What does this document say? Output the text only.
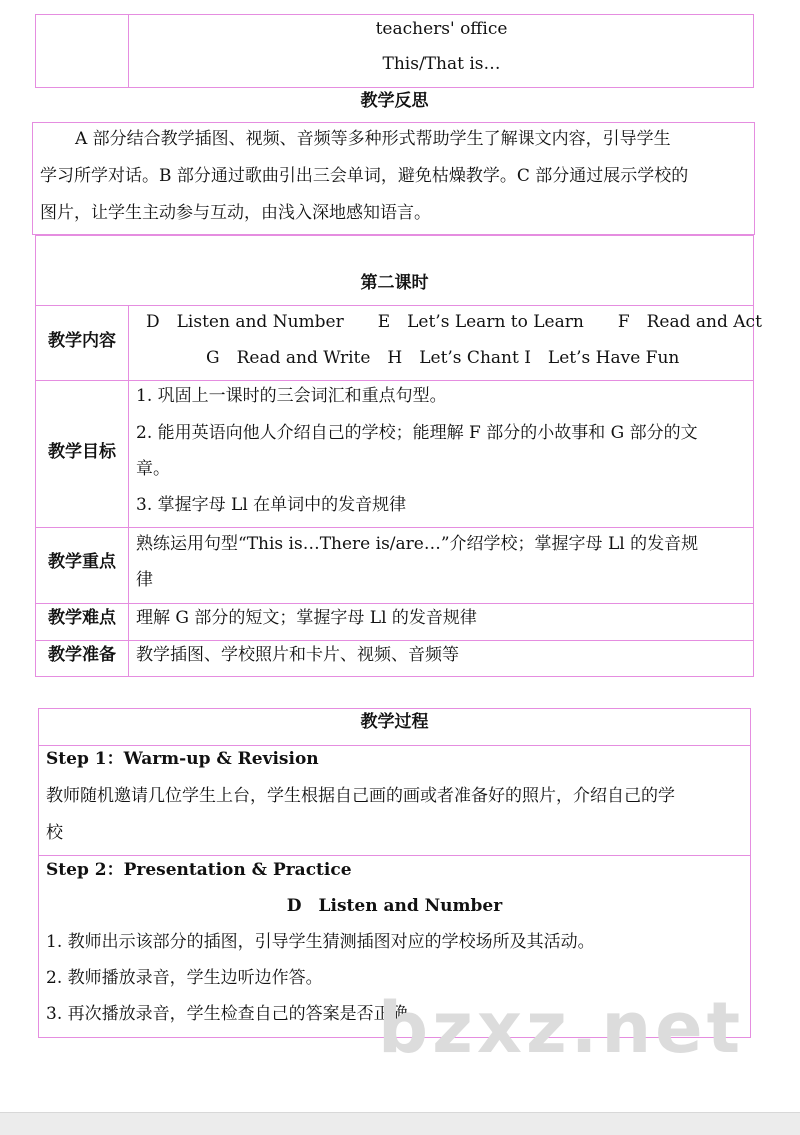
teachers' office
This/That is…
教学反思
A 部分结合教学插图、视频、音频等多种形式帮助学生了解课文内容，引导学生
学习所学对话。B 部分通过歌曲引出三会单词，避免枯燥教学。C 部分通过展示学校的
图片，让学生主动参与互动，由浅入深地感知语言。
第二课时
教学内容
D　Listen and Number　　E　Let’s Learn to Learn　　F　Read and Act
G　Read and Write　H　Let’s Chant I　Let’s Have Fun
教学目标
1. 巩固上一课时的三会词汇和重点句型。
2. 能用英语向他人介绍自己的学校；能理解 F 部分的小故事和 G 部分的文
章。
3. 掌握字母 Ll 在单词中的发音规律
教学重点
熟练运用句型“This is…There is/are…”介绍学校；掌握字母 Ll 的发音规
律
教学难点	理解 G 部分的短文；掌握字母 Ll 的发音规律
教学准备	教学插图、学校照片和卡片、视频、音频等
教学过程
Step 1：Warm-up & Revision
教师随机邀请几位学生上台，学生根据自己画的画或者准备好的照片，介绍自己的学
校
Step 2：Presentation & Practice
D　Listen and Number
1. 教师出示该部分的插图，引导学生猜测插图对应的学校场所及其活动。
2. 教师播放录音，学生边听边作答。
3. 再次播放录音，学生检查自己的答案是否正确。
bzxz.net
